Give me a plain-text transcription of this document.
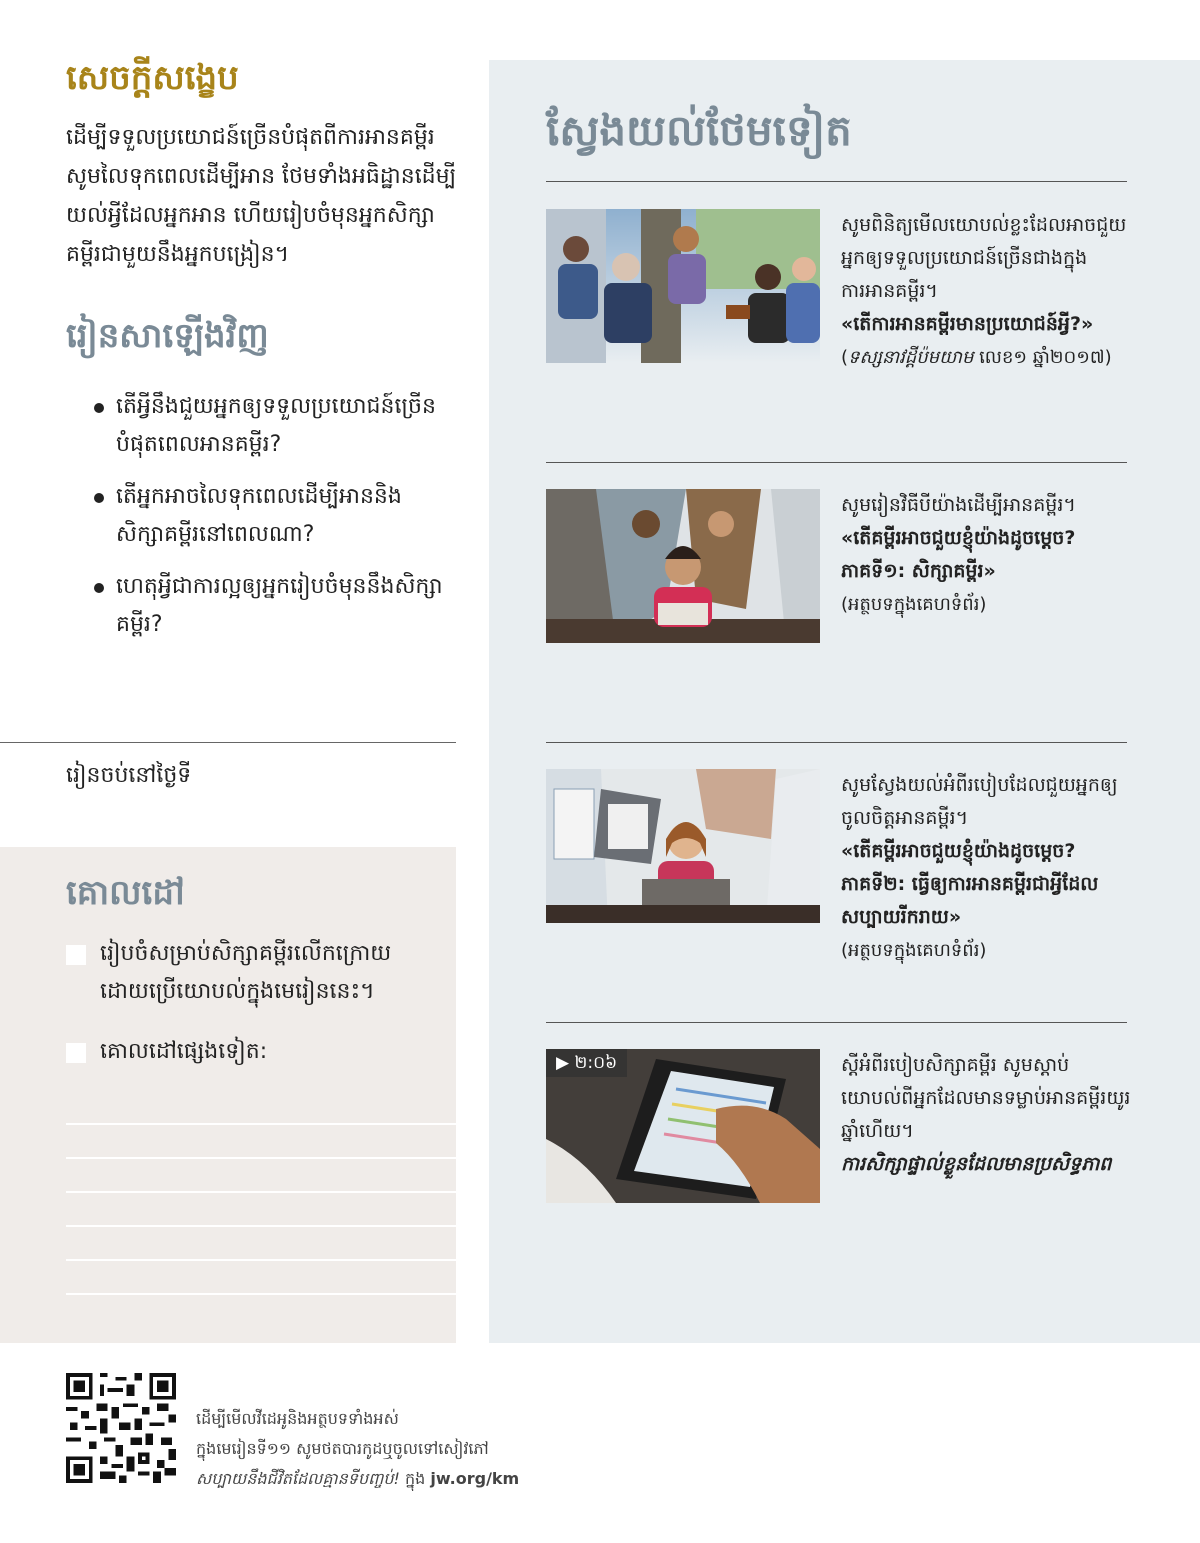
សេចក្ដីសង្ខេប

ដើម្បីទទួលប្រយោជន៍ច្រើនបំផុតពីការអានគម្ពីរ សូមលៃទុកពេលដើម្បីអាន ថែមទាំងអធិដ្ឋានដើម្បីយល់អ្វីដែលអ្នកអាន ហើយរៀបចំមុនអ្នកសិក្សាគម្ពីរជាមួយនឹងអ្នកបង្រៀន។

រៀនសាឡើងវិញ
តើអ្វីនឹងជួយអ្នកឲ្យទទួលប្រយោជន៍ច្រើនបំផុតពេលអានគម្ពីរ?
តើអ្នកអាចលៃទុកពេលដើម្បីអាននិងសិក្សាគម្ពីរនៅពេលណា?
ហេតុអ្វីជាការល្អឲ្យអ្នករៀបចំមុននឹងសិក្សាគម្ពីរ?
រៀនចប់នៅថ្ងៃទី
គោលដៅ
រៀបចំសម្រាប់សិក្សាគម្ពីរលើកក្រោយ ដោយប្រើយោបល់ក្នុងមេរៀននេះ។
គោលដៅផ្សេងទៀត:
ស្វែងយល់ថែមទៀត
សូមពិនិត្យមើលយោបល់ខ្លះដែលអាចជួយអ្នកឲ្យទទួលប្រយោជន៍ច្រើនជាងក្នុងការអានគម្ពីរ។
«តើការអានគម្ពីរមានប្រយោជន៍អ្វី?»
(ទស្សនាវដ្ដីប៉មយាម លេខ១ ឆ្នាំ២០១៧)
សូមរៀនវិធីបីយ៉ាងដើម្បីអានគម្ពីរ។
«តើគម្ពីរអាចជួយខ្ញុំយ៉ាងដូចម្ដេច? ភាគទី១: សិក្សាគម្ពីរ»
(អត្ថបទក្នុងគេហទំព័រ)
សូមស្វែងយល់អំពីរបៀបដែលជួយអ្នកឲ្យចូលចិត្តអានគម្ពីរ។
«តើគម្ពីរអាចជួយខ្ញុំយ៉ាងដូចម្ដេច? ភាគទី២: ធ្វើឲ្យការអានគម្ពីរជាអ្វីដែលសប្បាយរីករាយ»
(អត្ថបទក្នុងគេហទំព័រ)
▶ ២:០៦	ស្ដីអំពីរបៀបសិក្សាគម្ពីរ សូមស្ដាប់យោបល់ពីអ្នកដែលមានទម្លាប់អានគម្ពីរយូរឆ្នាំហើយ។
ការសិក្សាផ្ទាល់ខ្លួនដែលមានប្រសិទ្ធភាព
ដើម្បីមើលវីដេអូនិងអត្ថបទទាំងអស់
ក្នុងមេរៀនទី១១ សូមថតបារកូដឬចូលទៅសៀវភៅ
សប្បាយនឹងជីវិតដែលគ្មានទីបញ្ចប់! ក្នុង jw.org/km
